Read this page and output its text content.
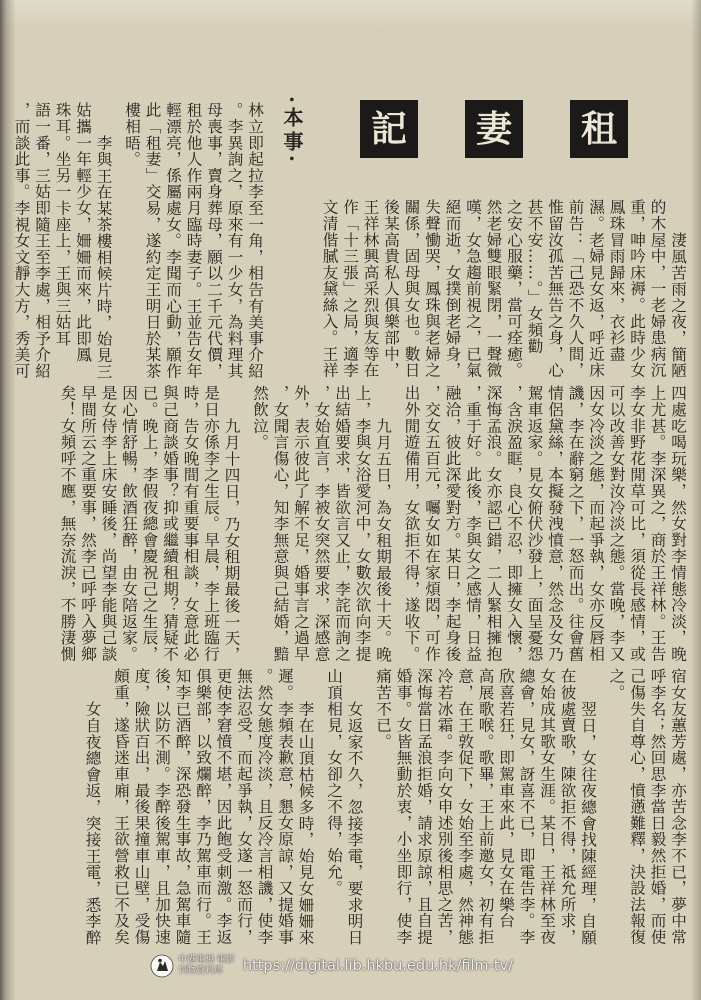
租
妻
記
·本事·
淒風苦雨之夜，簡陋
的木屋中，一老婦患病沉
重，呻吟床褥。此時少女
鳳珠冒雨歸來，衣衫盡
濕。老婦見女返，呼近床
前告：「己恐不久人間，
惟留汝孤苦無告之身，心
甚不安……。」女頻勸
之安心服藥，當可痊癒。
然老婦雙眼緊閉，一聲微
嘆，女急趨前視之，已氣
絕而逝，女撲倒老婦身，
失聲慟哭，鳳珠與老婦之
關係，固母與女也。數日
後某高貴私人俱樂部中，
王祥林興高采烈與友等在
作「十三張」之局，適李
文清偕膩友黛絲入。王祥
林立即起拉李至一角，相告有美事介紹
。李異詢之，原來有一少女，為料理其
母喪事，賣身葬母，願以二千元代價，
租於他人作兩月臨時妻子。王並告女年
輕漂亮，係屬處女。李聞而心動，願作
此「租妻」交易，遂約定王明日於某茶
樓相晤。
李與王在某茶樓相候片時，始見三
姑攜一年輕少女，姍姍而來，此即鳳
珠耳。坐另一卡座上，王與三姑耳
語一番，三姑即隨王至李處，相予介紹
，而談此事。李視女文靜大方，秀美可
四處吃喝玩樂，然女對李情態冷淡，晚
上尤甚。李深異之，商於王祥林。王告
李女非野花閒草可比，須從長感情，或
可以改善女對汝冷淡之態。當晚，李又
因女冷淡之態，而起爭執，女亦反唇相
譏，李在辭窮之下，一怒而出。往會舊
情侶黛絲，本擬發洩憤意，然念及女乃
駕車返家。見女俯伏沙發上，面呈憂怨
，含淚盈眶，良心不忍，即擁女入懷，
深悔孟浪。女亦認已錯，二人緊相擁抱
，重于好。此後，李與女之感情，日益
融洽，彼此深愛對方。某日，李起身後
，交女五百元，囑女如在家煩悶，可作
出外閒遊備用，女欲拒不得，遂收下。
九月五日，為女租期最後十天。晚
上，李與女浴愛河中，女數次欲向李提
出結婚要求，皆欲言又止，李詫而詢之
，女始直言，李被女突然要求，深感意
外，表示彼此了解不足，婚事言之過早
，女聞言傷心，知李無意與己結婚，黯
然飲泣。
九月十四日，乃女租期最後一天，
是日亦係李之生辰。早晨，李上班臨行
時，告女晚間有重要事相談，女意此必
與己商談婚事？抑或繼續租期？猜疑不
已。晚上，李假夜總會慶祝己之生辰，
因心情舒暢，飲酒狂醉，由女陪返家。
是女侍李上床安睡後，尚望李能與己談
早間所云之重要事，然李已呼呼入夢鄉
矣！女頻呼不應，無奈流淚，不勝淒惻
宿女友蕙芳處，亦苦念李不已，夢中常
呼李名；然回思李當日毅然拒婚，而使
己傷失自尊心，憤懣難釋，決設法報復
之。
翌日，女往夜總會找陳經理，自願
在彼處賣歌，陳欲拒不得，祗允所求，
女始成其歌女生涯。某日，王祥林至夜
總會，見女，訝喜不已，即電告李。李
欣喜若狂，即駕車來此，見女在樂台
高展歌喉。歌畢，王上前邀女，初有拒
意，在王敦促下，女始至李處，然神態
冷若冰霜。李向女申述別後相思之苦，
深悔當日孟浪拒婚，請求原諒，且自提
婚事。女皆無動於衷，小坐即行，使李
痛苦不已。
女返家不久，忽接李電，要求明日
山頂相見，女卻之不得，始允。
李在山頂枯候多時，始見女姍姍來
遲。李頻表歉意，懇女原諒，又提婚事
。然女態度冷淡，且反冷言相譏，使李
無法忍受，而起爭執，女遂一怒而行，
更使李窘憤不堪，因此飽受刺激。李返
俱樂部，以致爛醉，李乃駕車而行。王
知李已酒醉，深恐發生事故，急駕車隨
後，以防不測。李醉後駕車，且加快速
度，險狀百出，最後果撞車山壁，受傷
頗重，遂昏迷車廂，王欲營救已不及矣
女自夜總會返，突接王電，悉李醉
中港電視·電影
刊物資料庫	https://digital.lib.hkbu.edu.hk/film-tv/
